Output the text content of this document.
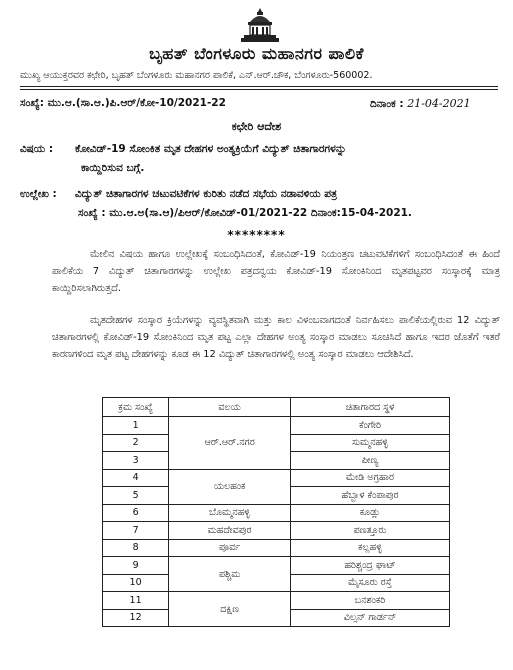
ಬೃಹತ್ ಬೆಂಗಳೂರು ಮಹಾನಗರ ಪಾಲಿಕೆ
ಮುಖ್ಯ ಆಯುಕ್ತರವರ ಕಛೇರಿ, ಬೃಹತ್ ಬೆಂಗಳೂರು ಮಹಾನಗರ ಪಾಲಿಕೆ, ಎನ್.ಆರ್.ಚೌಕ, ಬೆಂಗಳೂರು-560002.
ಸಂಖ್ಯೆ: ಮು.ಆ.(ಸಾ.ಆ.)ಪಿ.ಆರ್/ಕೋ-10/2021-22	ದಿನಾಂಕ : 21-04-2021
ಕಛೇರಿ ಆದೇಶ
ವಿಷಯ : ಕೋವಿಡ್-19 ಸೋಂಕಿತ ಮೃತ ದೇಹಗಳ ಅಂತ್ಯಕ್ರಿಯೆಗೆ ವಿದ್ಯುತ್ ಚಿತಾಗಾರಗಳನ್ನು
ಕಾಯ್ದಿರಿಸುವ ಬಗ್ಗೆ.
ಉಲ್ಲೇಖ : ವಿದ್ಯುತ್ ಚಿತಾಗಾರಗಳ ಚಟುವಟಿಕೆಗಳ ಕುರಿತು ನಡೆದ ಸಭೆಯ ನಡಾವಳಿಯ ಪತ್ರ
ಸಂಖ್ಯೆ : ಮು.ಆ.ಅ(ಸಾ.ಆ)/ಪಿಆರ್/ಕೋವಿಡ್-01/2021-22 ದಿನಾಂಕ:15-04-2021.
********
ಮೇಲಿನ ವಿಷಯ ಹಾಗೂ ಉಲ್ಲೇಖಕ್ಕೆ ಸಂಬಂಧಿಸಿದಂತೆ, ಕೋವಿಡ್-19 ನಿಯಂತ್ರಣ ಚಟುವಟಿಕೆಗಳಿಗೆ ಸಂಬಂಧಿಸಿದಂತೆ ಈ ಹಿಂದೆ ಪಾಲಿಕೆಯ 7 ವಿದ್ಯುತ್ ಚಿತಾಗಾರಗಳನ್ನು ಉಲ್ಲೇಖ ಪತ್ರದನ್ವಯ ಕೋವಿಡ್-19 ಸೋಂಕಿನಿಂದ ಮೃತಪಟ್ಟವರ ಸಂಸ್ಕಾರಕ್ಕೆ ಮಾತ್ರ ಕಾಯ್ದಿರಿಸಲಾಗಿರುತ್ತದೆ.
ಮೃತದೇಹಗಳ ಸಂಸ್ಕಾರ ಕ್ರಿಯೆಗಳನ್ನು ವ್ಯವಸ್ಥಿತವಾಗಿ ಮತ್ತು ಕಾಲ ವಿಳಂಬವಾಗದಂತೆ ನಿರ್ವಹಿಸಲು ಪಾಲಿಕೆಯಲ್ಲಿರುವ 12 ವಿದ್ಯುತ್ ಚಿತಾಗಾರಗಳಲ್ಲಿ ಕೋವಿಡ್-19 ಸೋಂಕಿನಿಂದ ಮೃತ ಪಟ್ಟ ಎಲ್ಲಾ ದೇಹಗಳ ಅಂತ್ಯ ಸಂಸ್ಕಾರ ಮಾಡಲು ಸೂಚಿಸಿದೆ ಹಾಗೂ ಇದರ ಜೊತೆಗೆ ಇತರೆ ಕಾರಣಗಳಿಂದ ಮೃತ ಪಟ್ಟ ದೇಹಗಳನ್ನು ಕೂಡ ಈ 12 ವಿದ್ಯುತ್ ಚಿತಾಗಾರಗಳಲ್ಲಿ ಅಂತ್ಯ ಸಂಸ್ಕಾರ ಮಾಡಲು ಆದೇಶಿಸಿದೆ.
ಕ್ರಮ ಸಂಖ್ಯೆ	ವಲಯ	ಚಿತಾಗಾರದ ಸ್ಥಳ
1	ಆರ್.ಆರ್.ನಗರ	ಕೆಂಗೇರಿ
2		ಸುಮ್ಮನಹಳ್ಳಿ
3		ಪೀಣ್ಯ
4	ಯಲಹಂಕ	ಮೇಡಿ ಅಗ್ರಹಾರ
5		ಹೆಬ್ಬಾಳ ಕೆಂಪಾಪುರ
6	ಬೊಮ್ಮನಹಳ್ಳಿ	ಕೂಡ್ಲು
7	ಮಹದೇವಪುರ	ಪಣತ್ತೂರು
8	ಪೂರ್ವ	ಕಲ್ಲಹಳ್ಳಿ
9	ಪಶ್ಚಿಮ	ಹರಿಶ್ಚಂದ್ರ ಘಾಟ್
10		ಮೈಸೂರು ರಸ್ತೆ
11	ದಕ್ಷಿಣ	ಬನಶಂಕರಿ
12		ವಿಲ್ಸನ್ ಗಾರ್ಡನ್
